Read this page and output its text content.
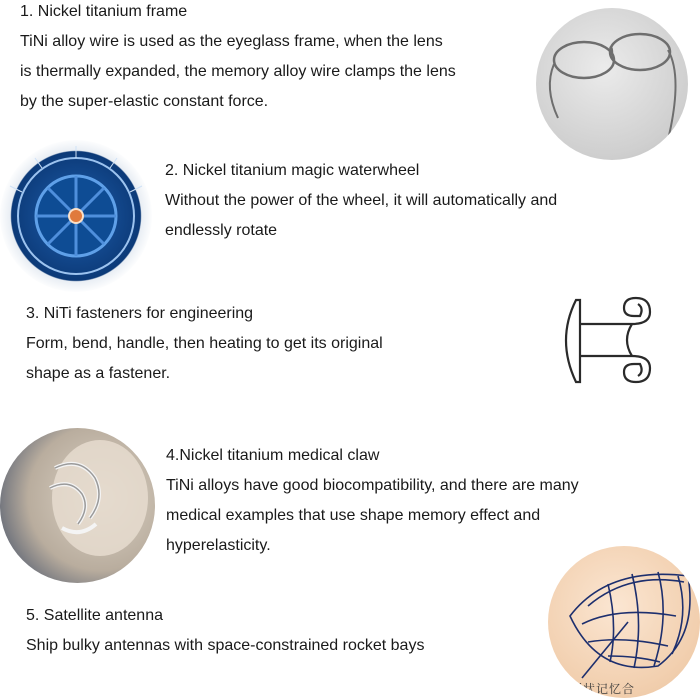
1. Nickel titanium frame
TiNi alloy wire is used as the eyeglass frame, when the lens
is thermally expanded, the memory alloy wire clamps the lens
by the super-elastic constant force.
2. Nickel titanium magic waterwheel
Without the power of the wheel, it will automatically and
endlessly rotate
3. NiTi fasteners for engineering
Form, bend, handle, then heating to get its original
shape as a fastener.
4.Nickel titanium medical claw
TiNi alloys have good biocompatibility, and there are many
medical examples that use shape memory effect and
hyperelasticity.
5. Satellite antenna
Ship bulky antennas with space-constrained rocket bays
形状记忆合
